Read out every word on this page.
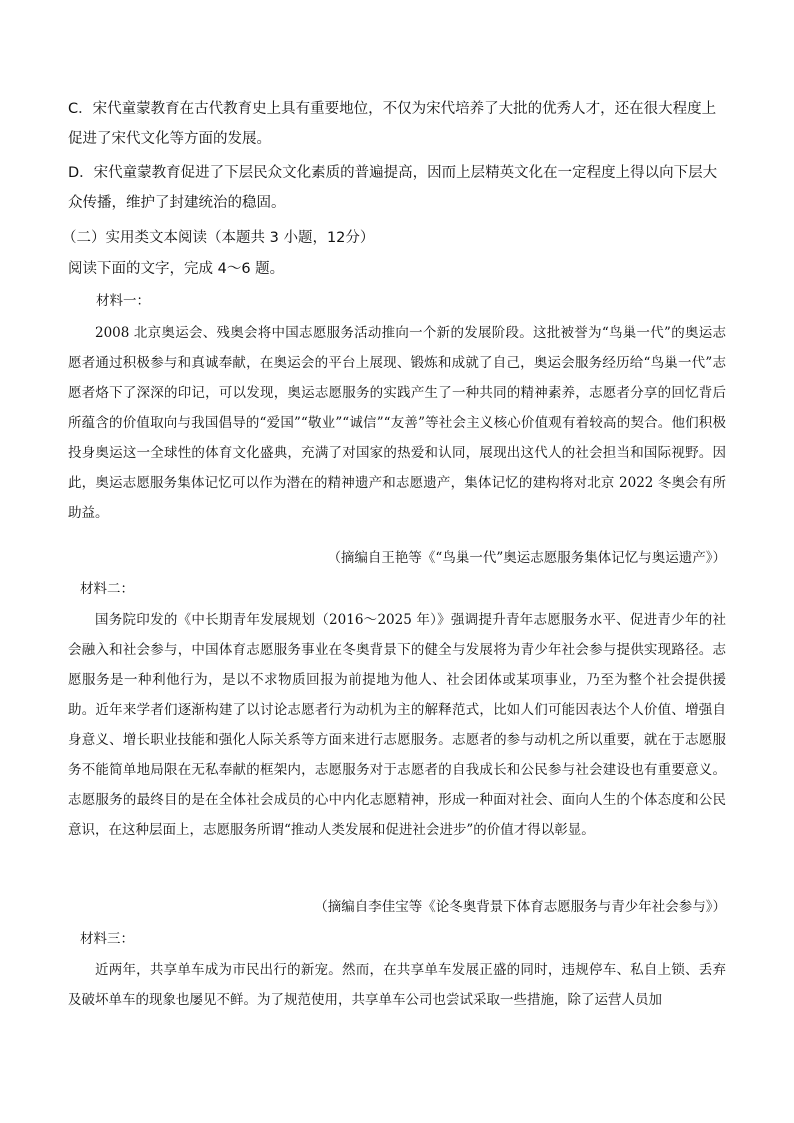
C．宋代童蒙教育在古代教育史上具有重要地位，不仅为宋代培养了大批的优秀人才，还在很大程度上促进了宋代文化等方面的发展。
D．宋代童蒙教育促进了下层民众文化素质的普遍提高，因而上层精英文化在一定程度上得以向下层大众传播，维护了封建统治的稳固。
（二）实用类文本阅读（本题共 3 小题，12分）
阅读下面的文字，完成 4～6 题。
材料一：

2008 北京奥运会、残奥会将中国志愿服务活动推向一个新的发展阶段。这批被誉为“鸟巢一代”的奥运志愿者通过积极参与和真诚奉献，在奥运会的平台上展现、锻炼和成就了自己，奥运会服务经历给“鸟巢一代”志愿者烙下了深深的印记，可以发现，奥运志愿服务的实践产生了一种共同的精神素养，志愿者分享的回忆背后所蕴含的价值取向与我国倡导的“爱国”“敬业”“诚信”“友善”等社会主义核心价值观有着较高的契合。他们积极投身奥运这一全球性的体育文化盛典，充满了对国家的热爱和认同，展现出这代人的社会担当和国际视野。因此，奥运志愿服务集体记忆可以作为潜在的精神遗产和志愿遗产，集体记忆的建构将对北京 2022 冬奥会有所助益。

（摘编自王艳等《“鸟巢一代”奥运志愿服务集体记忆与奥运遗产》）
材料二：

国务院印发的《中长期青年发展规划（2016～2025 年）》强调提升青年志愿服务水平、促进青少年的社会融入和社会参与，中国体育志愿服务事业在冬奥背景下的健全与发展将为青少年社会参与提供实现路径。志愿服务是一种利他行为，是以不求物质回报为前提地为他人、社会团体或某项事业，乃至为整个社会提供援助。近年来学者们逐渐构建了以讨论志愿者行为动机为主的解释范式，比如人们可能因表达个人价值、增强自身意义、增长职业技能和强化人际关系等方面来进行志愿服务。志愿者的参与动机之所以重要，就在于志愿服务不能简单地局限在无私奉献的框架内，志愿服务对于志愿者的自我成长和公民参与社会建设也有重要意义。志愿服务的最终目的是在全体社会成员的心中内化志愿精神，形成一种面对社会、面向人生的个体态度和公民意识，在这种层面上，志愿服务所谓“推动人类发展和促进社会进步”的价值才得以彰显。

（摘编自李佳宝等《论冬奥背景下体育志愿服务与青少年社会参与》）
材料三：

近两年，共享单车成为市民出行的新宠。然而，在共享单车发展正盛的同时，违规停车、私自上锁、丢弃及破坏单车的现象也屡见不鲜。为了规范使用，共享单车公司也尝试采取一些措施，除了运营人员加
